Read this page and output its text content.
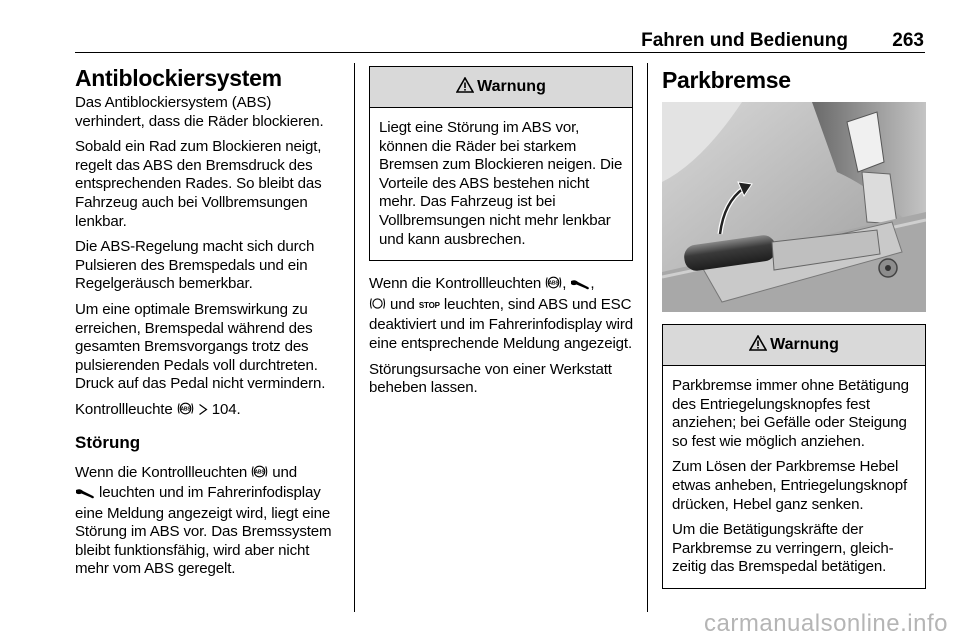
Fahren und Bedienung 263
Antiblockiersystem

Das Antiblockiersystem (ABS) verhindert, dass die Räder blockieren.

Sobald ein Rad zum Blockieren neigt, regelt das ABS den Bremsdruck des entsprechenden Rades. So bleibt das Fahrzeug auch bei Vollbremsungen lenkbar.

Die ABS-Regelung macht sich durch Pulsieren des Bremspedals und ein Regelgeräusch bemerkbar.

Um eine optimale Bremswirkung zu erreichen, Bremspedal während des gesamten Bremsvorgangs trotz des pulsierenden Pedals voll durchtreten. Druck auf das Pedal nicht vermindern.

Kontrollleuchte ABS 104.

Störung

Wenn die Kontrollleuchten ABS und
leuchten und im Fahrerinfodisplay eine Meldung angezeigt wird, liegt eine Störung im ABS vor. Das Bremssystem bleibt funktionsfähig, wird aber nicht mehr vom ABS geregelt.

Warnung

Liegt eine Störung im ABS vor, können die Räder bei starkem Bremsen zum Blockieren neigen. Die Vorteile des ABS bestehen nicht mehr. Das Fahrzeug ist bei Vollbremsungen nicht mehr lenkbar und kann ausbrechen.

Wenn die Kontrollleuchten ABS , ,
und STOP leuchten, sind ABS und ESC deaktiviert und im Fahrerinfodisplay wird eine entsprechende Meldung angezeigt.

Störungsursache von einer Werkstatt beheben lassen.

Parkbremse
Warnung

Parkbremse immer ohne Betätigung des Entriegelungsknopfes fest anziehen; bei Gefälle oder Steigung so fest wie möglich anziehen.

Zum Lösen der Parkbremse Hebel etwas anheben, Entriegelungsknopf drücken, Hebel ganz senken.

Um die Betätigungskräfte der Parkbremse zu verringern, gleichzeitig das Bremspedal betätigen.

carmanualsonline.info
